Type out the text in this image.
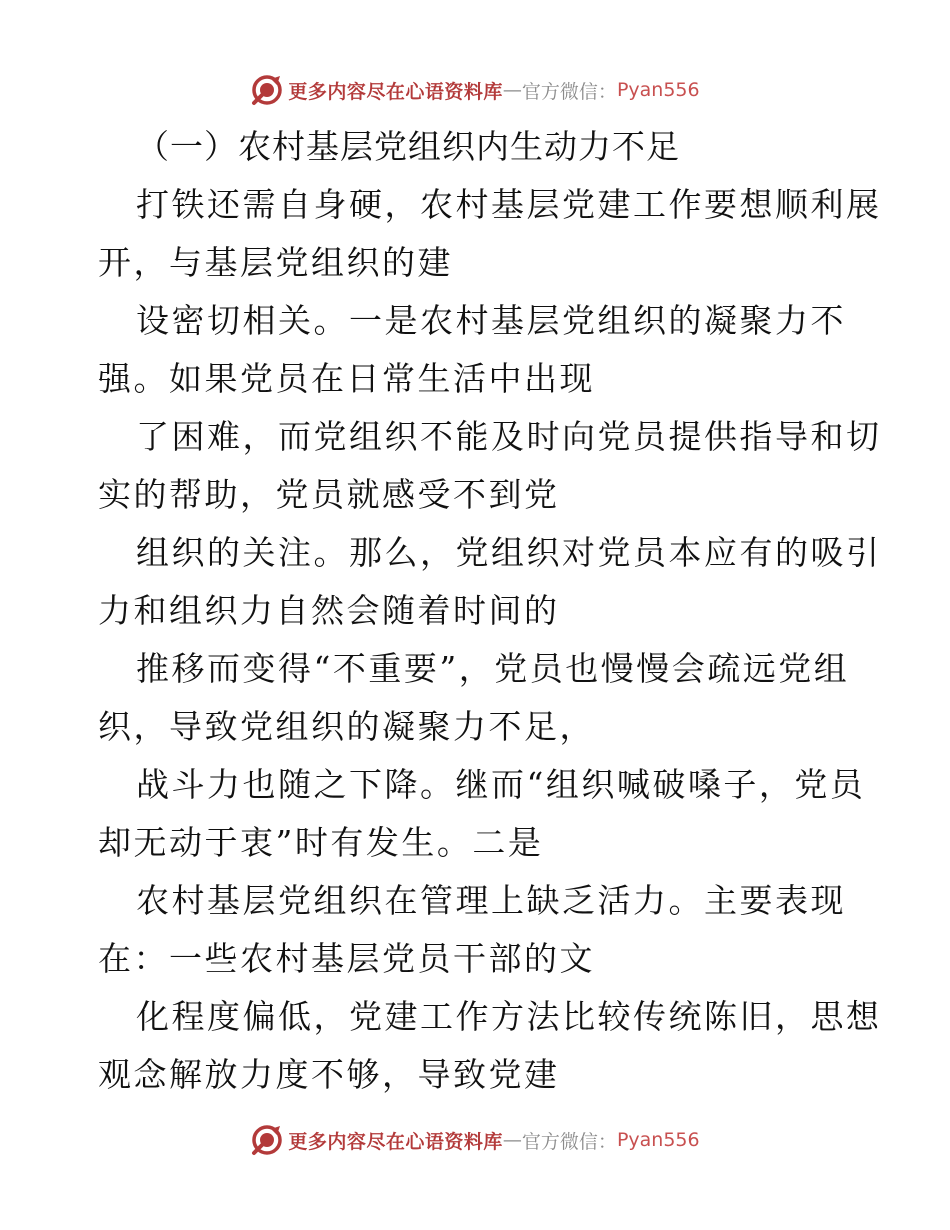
更多内容尽在心语资料库 — 官方微信： Pyan556

（一）农村基层党组织内生动力不足

打铁还需自身硬，农村基层党建工作要想顺利展
开，与基层党组织的建

设密切相关。一是农村基层党组织的凝聚力不
强。如果党员在日常生活中出现

了困难，而党组织不能及时向党员提供指导和切
实的帮助，党员就感受不到党

组织的关注。那么，党组织对党员本应有的吸引
力和组织力自然会随着时间的

推移而变得“不重要”，党员也慢慢会疏远党组
织，导致党组织的凝聚力不足，

战斗力也随之下降。继而“组织喊破嗓子，党员
却无动于衷”时有发生。二是

农村基层党组织在管理上缺乏活力。主要表现
在：一些农村基层党员干部的文

化程度偏低，党建工作方法比较传统陈旧，思想
观念解放力度不够，导致党建

更多内容尽在心语资料库 — 官方微信： Pyan556
